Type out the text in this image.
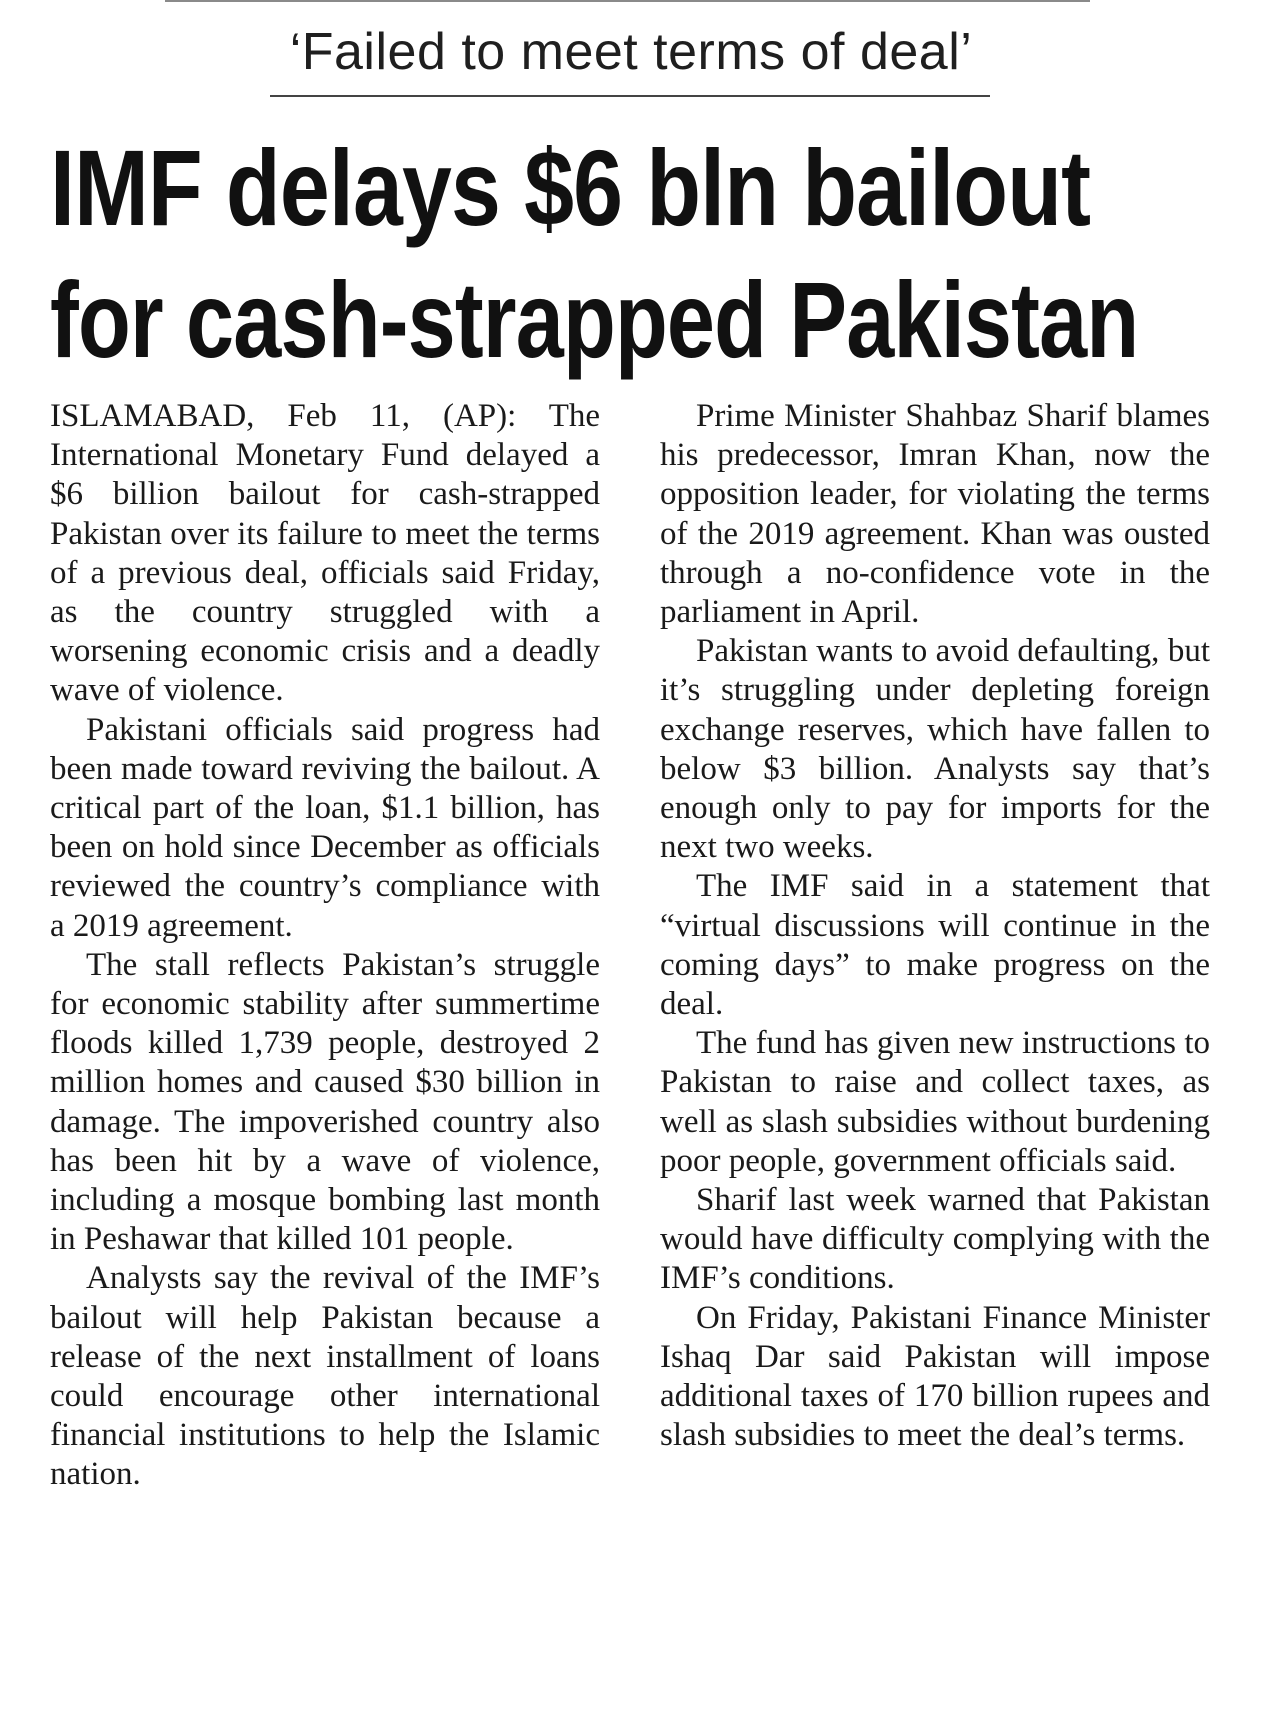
‘Failed to meet terms of deal’
IMF delays $6 bln bailout
for cash-strapped Pakistan

ISLAMABAD, Feb 11, (AP): The International Monetary Fund delayed a $6 billion bailout for cash-strapped Pakistan over its failure to meet the terms of a previous deal, officials said Friday, as the country struggled with a worsening economic crisis and a deadly wave of violence.

Pakistani officials said progress had been made toward reviving the bailout. A critical part of the loan, $1.1 billion, has been on hold since December as officials reviewed the country’s compliance with a 2019 agreement.

The stall reflects Pakistan’s struggle for economic stability after summertime floods killed 1,739 people, destroyed 2 million homes and caused $30 billion in damage. The impoverished country also has been hit by a wave of violence, including a mosque bombing last month in Peshawar that killed 101 people.

Analysts say the revival of the IMF’s bailout will help Pakistan because a release of the next installment of loans could encourage other international financial institutions to help the Islamic nation.

Prime Minister Shahbaz Sharif blames his predecessor, Imran Khan, now the opposition leader, for violating the terms of the 2019 agreement. Khan was ousted through a no-confidence vote in the parliament in April.

Pakistan wants to avoid defaulting, but it’s struggling under depleting foreign exchange reserves, which have fallen to below $3 billion. Analysts say that’s enough only to pay for imports for the next two weeks.

The IMF said in a statement that “virtual discussions will continue in the coming days” to make progress on the deal.

The fund has given new instructions to Pakistan to raise and collect taxes, as well as slash subsidies without burdening poor people, government officials said.

Sharif last week warned that Pakistan would have difficulty complying with the IMF’s conditions.

On Friday, Pakistani Finance Minister Ishaq Dar said Pakistan will impose additional taxes of 170 billion rupees and slash subsidies to meet the deal’s terms.
